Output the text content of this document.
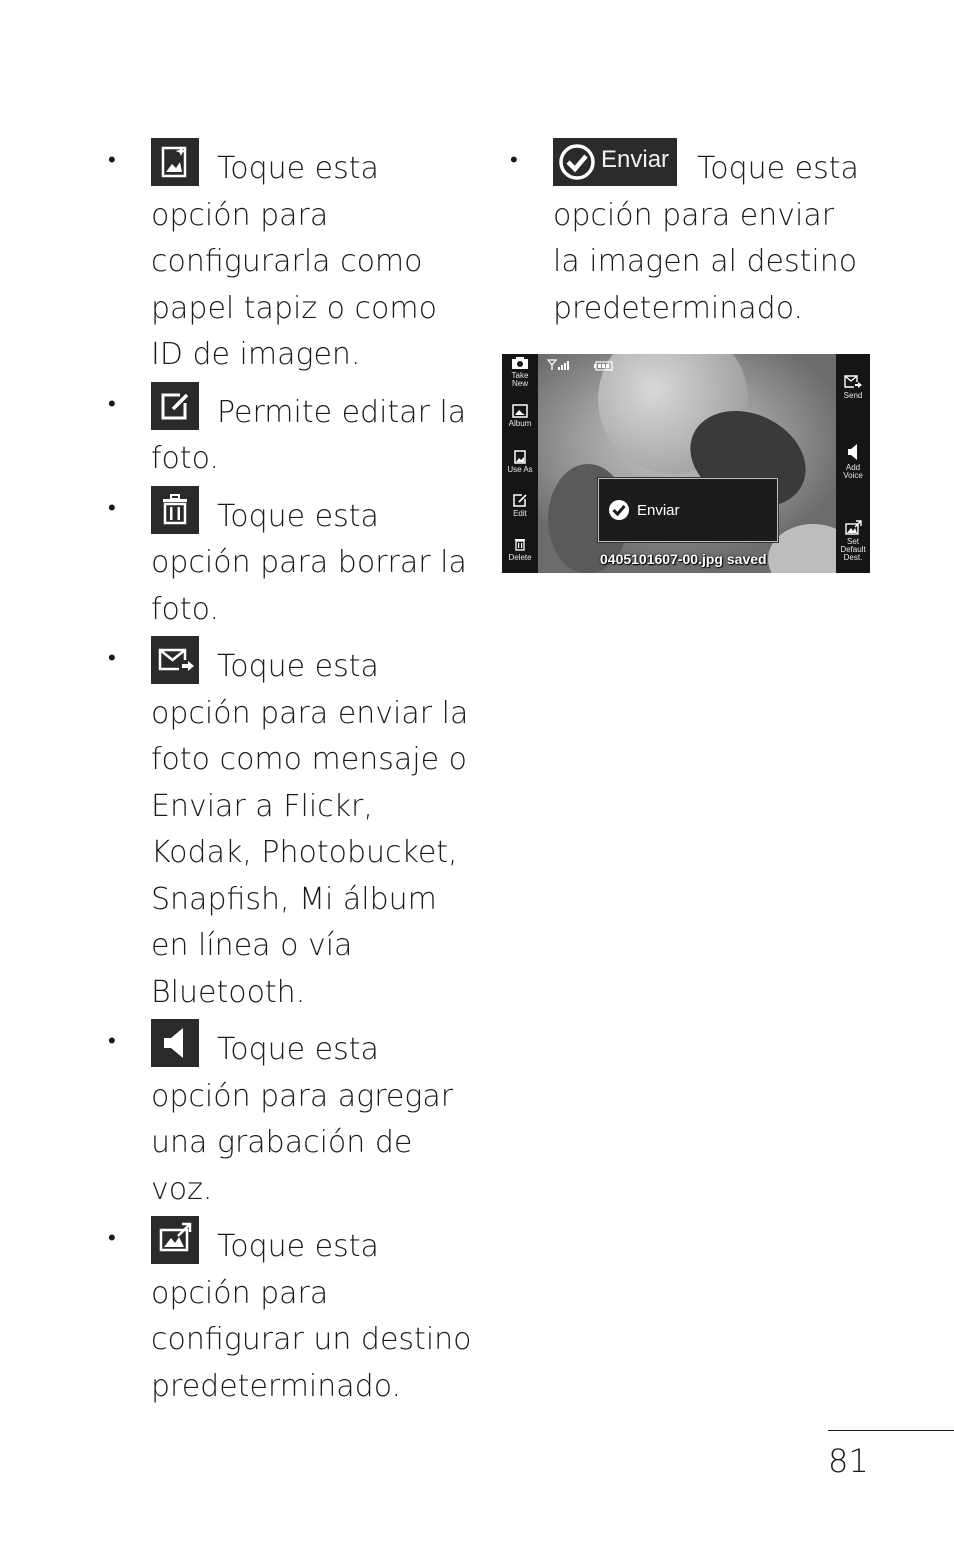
•	Toque esta opción para configurarla como papel tapiz o como ID de imagen.
•	Permite editar la foto.
•	Toque esta opción para borrar la foto.
•	Toque esta opción para enviar la foto como mensaje o Enviar a Flickr, Kodak, Photobucket, Snapfish, Mi álbum en línea o vía Bluetooth.
•	Toque esta opción para agregar una grabación de voz.
•	Toque esta opción para configurar un destino predeterminado.
•	Enviar Toque esta opción para enviar la imagen al destino predeterminado.
Take New
Album
Use As
Edit
Delete
Send
Add Voice
Set Default Dest.
Enviar
0405101607-00.jpg saved
81
